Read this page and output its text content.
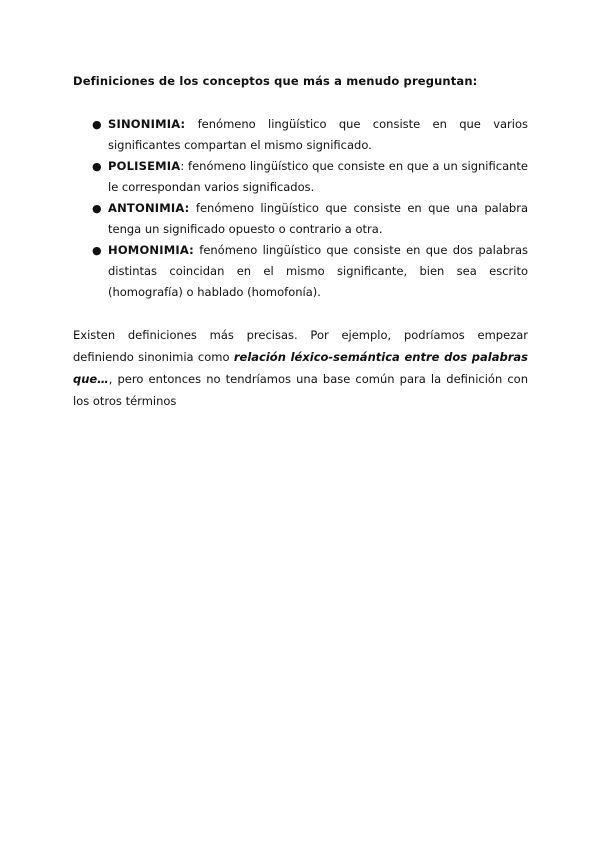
Definiciones de los conceptos que más a menudo preguntan:

● SINONIMIA: fenómeno lingüístico que consiste en que varios significantes compartan el mismo significado.
● POLISEMIA: fenómeno lingüístico que consiste en que a un significante le correspondan varios significados.
● ANTONIMIA: fenómeno lingüístico que consiste en que una palabra tenga un significado opuesto o contrario a otra.
● HOMONIMIA: fenómeno lingüístico que consiste en que dos palabras distintas coincidan en el mismo significante, bien sea escrito (homografía) o hablado (homofonía).

Existen definiciones más precisas. Por ejemplo, podríamos empezar definiendo sinonimia como relación léxico-semántica entre dos palabras que…, pero entonces no tendríamos una base común para la definición con los otros términos
